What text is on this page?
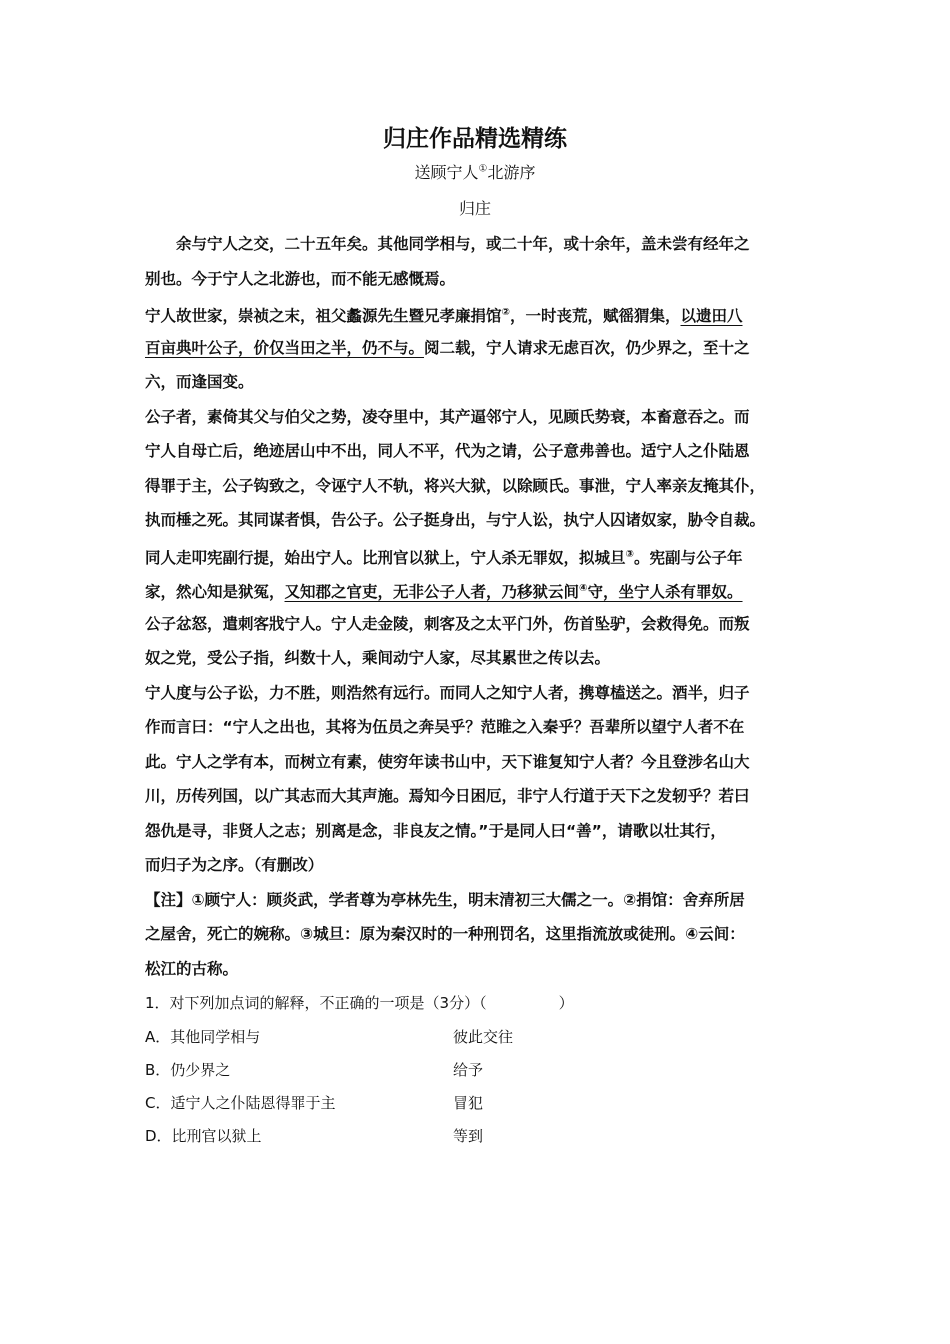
归庄作品精选精练
送顾宁人①北游序
归庄
余与宁人之交，二十五年矣。其他同学相与，或二十年，或十余年，盖未尝有经年之
别也。今于宁人之北游也，而不能无感慨焉。
宁人故世家，崇祯之末，祖父蠡源先生暨兄孝廉捐馆②，一时丧荒，赋徭猬集，以遗田八
百亩典叶公子，价仅当田之半，仍不与。阅二载，宁人请求无虑百次，仍少界之，至十之
六，而逢国变。
公子者，素倚其父与伯父之势，凌夺里中，其产逼邻宁人，见顾氏势衰，本畜意吞之。而
宁人自母亡后，绝迹居山中不出，同人不平，代为之请，公子意弗善也。适宁人之仆陆恩
得罪于主，公子钩致之，令诬宁人不轨，将兴大狱，以除顾氏。事泄，宁人率亲友掩其仆，
执而棰之死。其同谋者惧，告公子。公子挺身出，与宁人讼，执宁人囚诸奴家，胁令自裁。
同人走叩宪副行提，始出宁人。比刑官以狱上，宁人杀无罪奴，拟城旦③。宪副与公子年
家，然心知是狱冤，又知郡之官吏，无非公子人者，乃移狱云间④守，坐宁人杀有罪奴。
公子忿怒，遣刺客戕宁人。宁人走金陵，刺客及之太平门外，伤首坠驴，会救得免。而叛
奴之党，受公子指，纠数十人，乘间动宁人家，尽其累世之传以去。
宁人度与公子讼，力不胜，则浩然有远行。而同人之知宁人者，携尊榼送之。酒半，归子
作而言曰：“宁人之出也，其将为伍员之奔吴乎？范睢之入秦乎？吾辈所以望宁人者不在
此。宁人之学有本，而树立有素，使穷年读书山中，天下谁复知宁人者？今且登涉名山大
川，历传列国，以广其志而大其声施。焉知今日困厄，非宁人行道于天下之发轫乎？若曰
怨仇是寻，非贤人之志；别离是念，非良友之情。”于是同人曰“善”，请歌以壮其行，
而归子为之序。（有删改）
【注】①顾宁人：顾炎武，学者尊为亭林先生，明末清初三大儒之一。②捐馆：舍弃所居
之屋舍，死亡的婉称。③城旦：原为秦汉时的一种刑罚名，这里指流放或徒刑。④云间：
松江的古称。
1．对下列加点词的解释，不正确的一项是（3分）（	）
A．其他同学相与	彼此交往
B．仍少界之	给予
C．适宁人之仆陆恩得罪于主	冒犯
D．比刑官以狱上	等到
